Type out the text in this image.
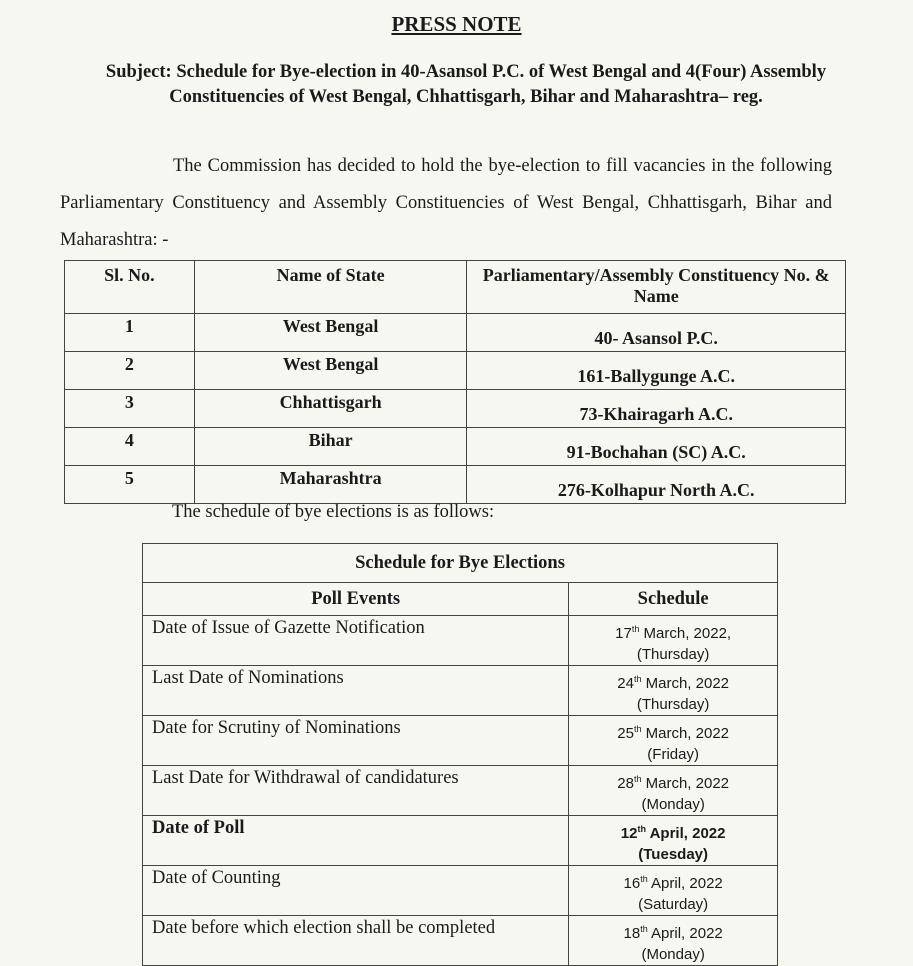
PRESS NOTE
Subject: Schedule for Bye-election in 40-Asansol P.C. of West Bengal and 4(Four) Assembly Constituencies of West Bengal, Chhattisgarh, Bihar and Maharashtra– reg.
The Commission has decided to hold the bye-election to fill vacancies in the following Parliamentary Constituency and Assembly Constituencies of West Bengal, Chhattisgarh, Bihar and Maharashtra: -
Sl. No.	Name of State	Parliamentary/Assembly Constituency No. & Name
1	West Bengal	40- Asansol P.C.
2	West Bengal	161-Ballygunge A.C.
3	Chhattisgarh	73-Khairagarh A.C.
4	Bihar	91-Bochahan (SC) A.C.
5	Maharashtra	276-Kolhapur North A.C.
The schedule of bye elections is as follows:
Schedule for Bye Elections	
Poll Events	Schedule
Date of Issue of Gazette Notification	17th March, 2022,
(Thursday)
Last Date of Nominations	24th March, 2022
(Thursday)
Date for Scrutiny of Nominations	25th March, 2022
(Friday)
Last Date for Withdrawal of candidatures	28th March, 2022
(Monday)
Date of Poll	12th April, 2022
(Tuesday)
Date of Counting	16th April, 2022
(Saturday)
Date before which election shall be completed	18th April, 2022
(Monday)
